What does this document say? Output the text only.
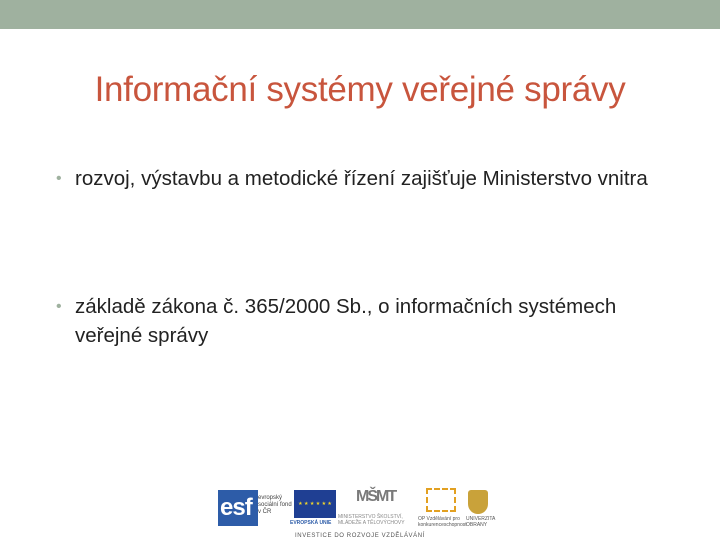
Informační systémy veřejné správy
• rozvoj, výstavbu a metodické řízení zajišťuje Ministerstvo vnitra
• základě zákona č. 365/2000 Sb., o informačních systémech veřejné správy
esf evropský sociální fond v ČR
★ ★ ★ ★ ★ ★
EVROPSKÁ UNIE
MŠMT
MINISTERSTVO ŠKOLSTVÍ, MLÁDEŽE A TĚLOVÝCHOVY
OP Vzdělávání pro konkurenceschopnost
UNIVERZITA OBRANY
INVESTICE DO ROZVOJE VZDĚLÁVÁNÍ
